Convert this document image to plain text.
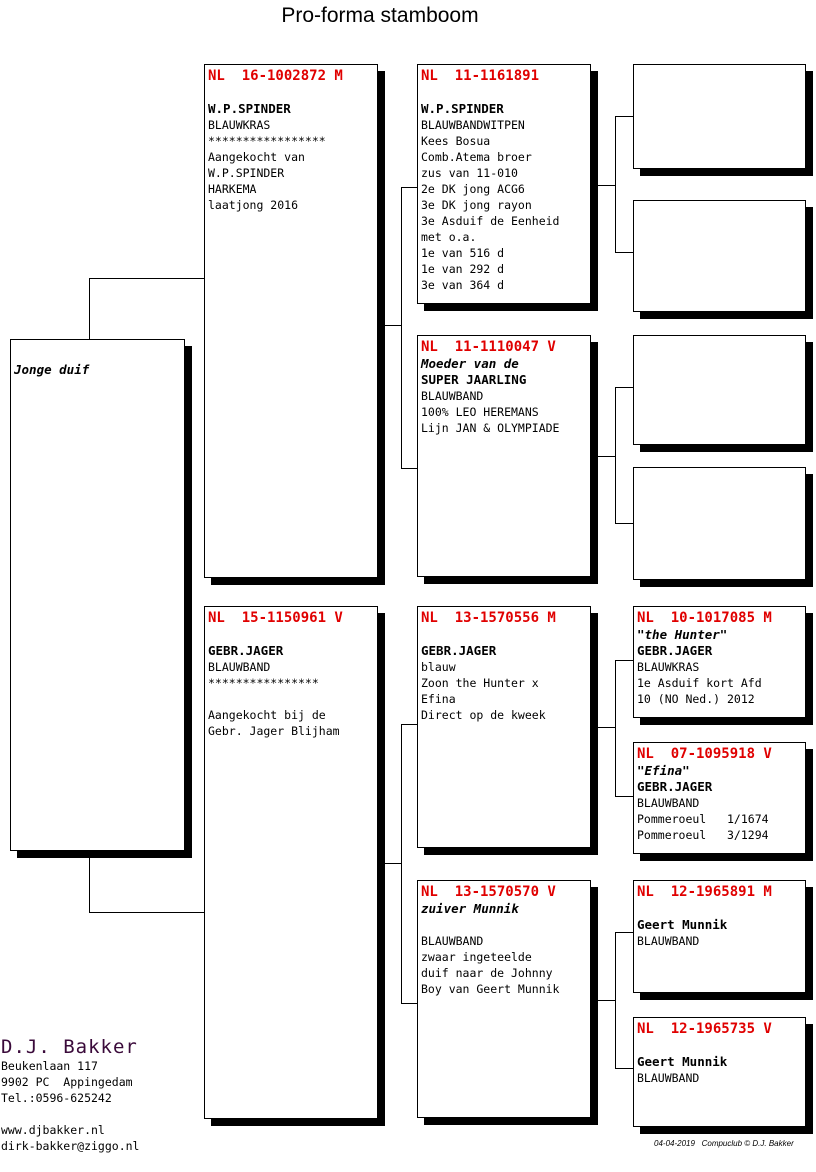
Pro-forma stamboom
Jonge duif
NL  16-1002872 M
W.P.SPINDER
BLAUWKRAS
*****************
Aangekocht van
W.P.SPINDER
HARKEMA
laatjong 2016
NL  15-1150961 V
GEBR.JAGER
BLAUWBAND
****************
Aangekocht bij de
Gebr. Jager Blijham
NL  11-1161891
W.P.SPINDER
BLAUWBANDWITPEN
Kees Bosua
Comb.Atema broer
zus van 11-010
2e DK jong ACG6
3e DK jong rayon
3e Asduif de Eenheid
met o.a.
1e van 516 d
1e van 292 d
3e van 364 d
NL  11-1110047 V
Moeder van de
SUPER JAARLING
BLAUWBAND
100% LEO HEREMANS
Lijn JAN & OLYMPIADE
NL  13-1570556 M
GEBR.JAGER
blauw
Zoon the Hunter x
Efina
Direct op de kweek
NL  13-1570570 V
zuiver Munnik
BLAUWBAND
zwaar ingeteelde
duif naar de Johnny
Boy van Geert Munnik
NL  10-1017085 M
"the Hunter"
GEBR.JAGER
BLAUWKRAS
1e Asduif kort Afd
10 (NO Ned.) 2012
NL  07-1095918 V
"Efina"
GEBR.JAGER
BLAUWBAND
Pommeroeul   1/1674
Pommeroeul   3/1294
NL  12-1965891 M
Geert Munnik
BLAUWBAND
NL  12-1965735 V
Geert Munnik
BLAUWBAND
D.J. Bakker
Beukenlaan 117
9902 PC  Appingedam
Tel.:0596-625242
www.djbakker.nl
dirk-bakker@ziggo.nl	04-04-2019   Compuclub © D.J. Bakker
